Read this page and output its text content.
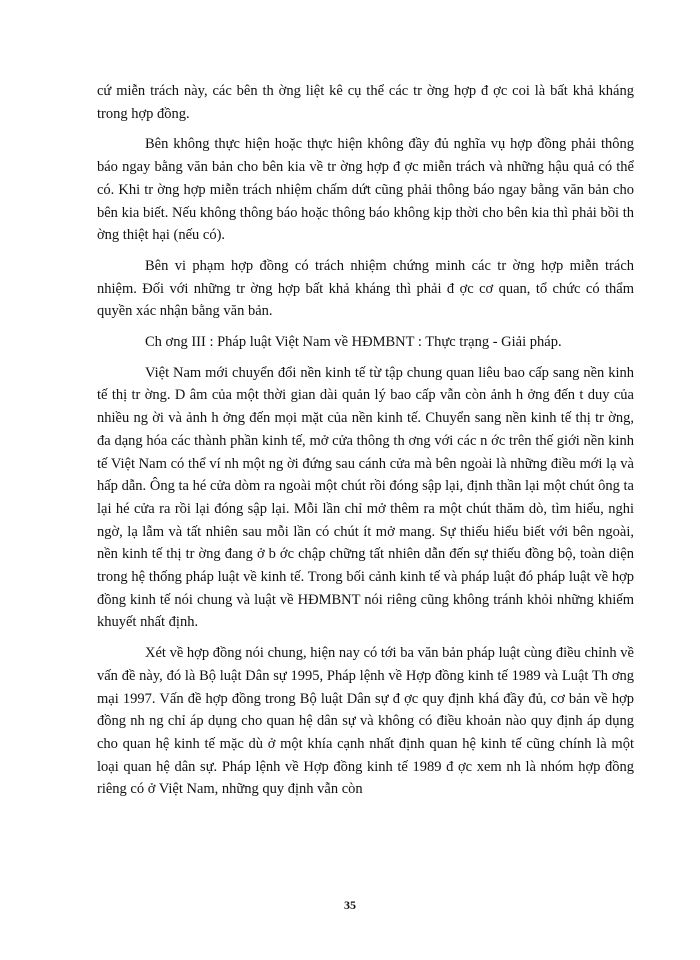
cứ miễn trách này, các bên th ờng liệt kê cụ thể các tr ờng hợp đ ợc coi là bất khả kháng trong hợp đồng.

Bên không thực hiện hoặc thực hiện không đầy đủ nghĩa vụ hợp đồng phải thông báo ngay bằng văn bản cho bên kia về tr ờng hợp đ ợc miễn trách và những hậu quả có thể có. Khi tr ờng hợp miễn trách nhiệm chấm dứt cũng phải thông báo ngay bằng văn bản cho bên kia biết. Nếu không thông báo hoặc thông báo không kịp thời cho bên kia thì phải bồi th ờng thiệt hại (nếu có).

Bên vi phạm hợp đồng có trách nhiệm chứng minh các tr ờng hợp miễn trách nhiệm. Đối với những tr ờng hợp bất khả kháng thì phải đ ợc cơ quan, tổ chức có thẩm quyền xác nhận bằng văn bản.

Ch ơng III : Pháp luật Việt Nam về HĐMBNT : Thực trạng - Giải pháp.

Việt Nam mới chuyển đổi nền kinh tế từ tập chung quan liêu bao cấp sang nền kinh tế thị tr ờng. D âm của một thời gian dài quản lý bao cấp vẫn còn ảnh h ởng đến t duy của nhiều ng ời và ảnh h ởng đến mọi mặt của nền kinh tế. Chuyển sang nền kinh tế thị tr ờng, đa dạng hóa các thành phần kinh tế, mở cửa thông th ơng với các n ớc trên thế giới nền kinh tế Việt Nam có thể ví nh một ng ời đứng sau cánh cửa mà bên ngoài là những điều mới lạ và hấp dẫn. Ông ta hé cửa dòm ra ngoài một chút rồi đóng sập lại, định thần lại một chút ông ta lại hé cửa ra rồi lại đóng sập lại. Mỗi lần chỉ mở thêm ra một chút thăm dò, tìm hiểu, nghi ngờ, lạ lẫm và tất nhiên sau mỗi lần có chút ít mở mang. Sự thiếu hiểu biết với bên ngoài, nền kinh tế thị tr ờng đang ở b ớc chập chững tất nhiên dẫn đến sự thiếu đồng bộ, toàn diện trong hệ thống pháp luật về kinh tế. Trong bối cảnh kinh tế và pháp luật đó pháp luật về hợp đồng kinh tế nói chung và luật về HĐMBNT nói riêng cũng không tránh khỏi những khiếm khuyết nhất định.

Xét về hợp đồng nói chung, hiện nay có tới ba văn bản pháp luật cùng điều chỉnh về vấn đề này, đó là Bộ luật Dân sự 1995, Pháp lệnh về Hợp đồng kinh tế 1989 và Luật Th ơng mại 1997. Vấn đề hợp đồng trong Bộ luật Dân sự đ ợc quy định khá đầy đủ, cơ bản về hợp đồng nh ng chỉ áp dụng cho quan hệ dân sự và không có điều khoản nào quy định áp dụng cho quan hệ kinh tế mặc dù ở một khía cạnh nhất định quan hệ kinh tế cũng chính là một loại quan hệ dân sự. Pháp lệnh về Hợp đồng kinh tế 1989 đ ợc xem nh là nhóm hợp đồng riêng có ở Việt Nam, những quy định vẫn còn

35
